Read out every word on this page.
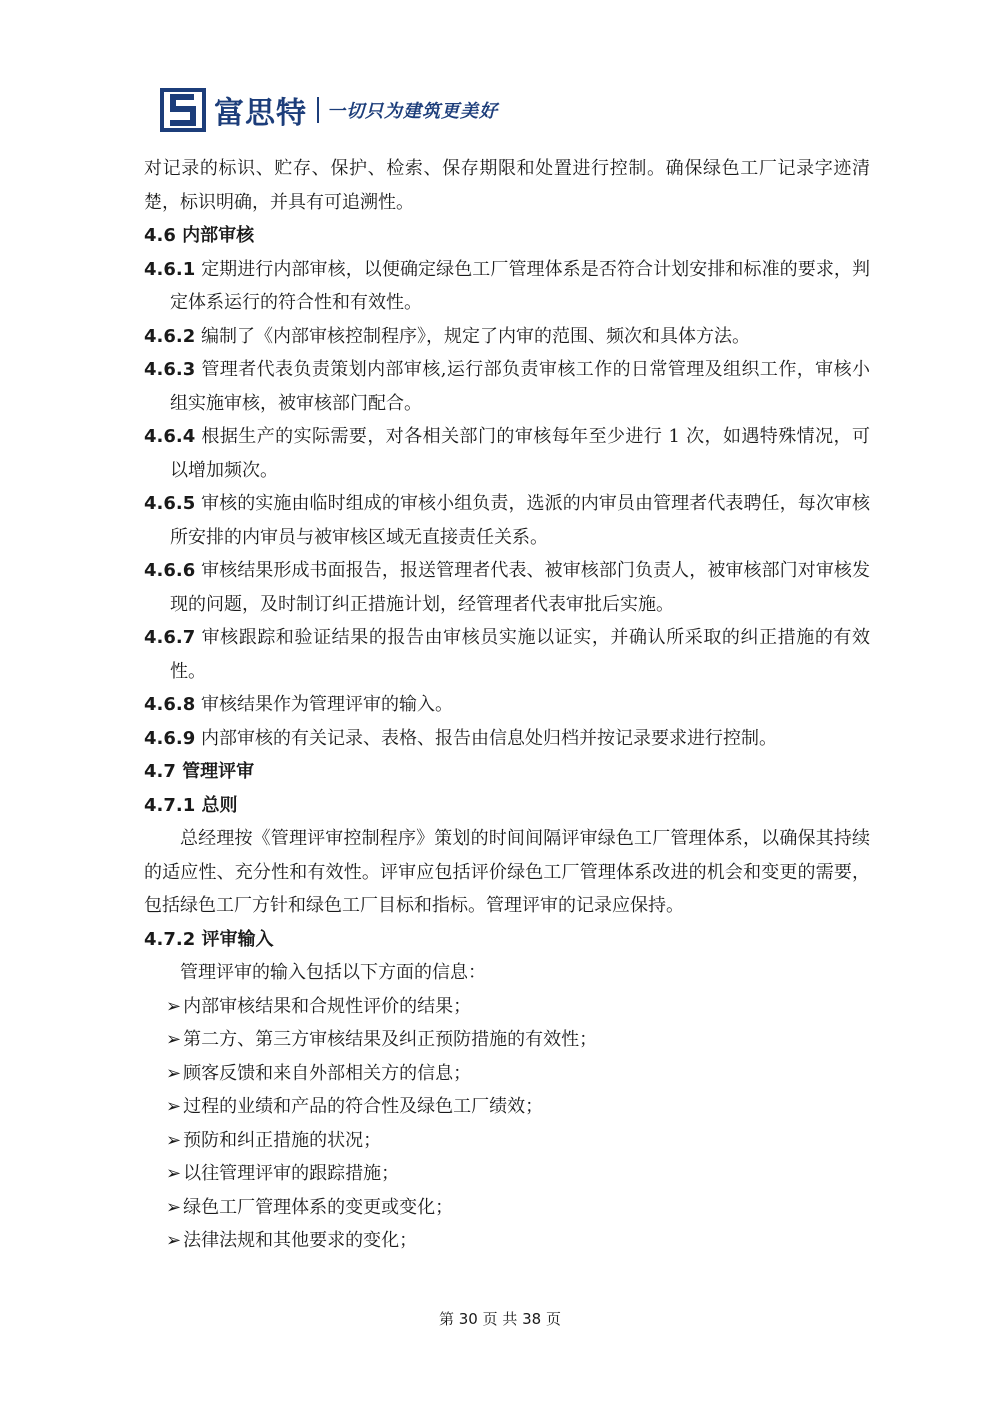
富思特 一切只为建筑更美好

对记录的标识、贮存、保护、检索、保存期限和处置进行控制。确保绿色工厂记录字迹清楚，标识明确，并具有可追溯性。

4.6 内部审核

4.6.1 定期进行内部审核，以便确定绿色工厂管理体系是否符合计划安排和标准的要求，判定体系运行的符合性和有效性。

4.6.2 编制了《内部审核控制程序》，规定了内审的范围、频次和具体方法。

4.6.3 管理者代表负责策划内部审核,运行部负责审核工作的日常管理及组织工作，审核小组实施审核，被审核部门配合。

4.6.4 根据生产的实际需要，对各相关部门的审核每年至少进行 1 次，如遇特殊情况，可以增加频次。

4.6.5 审核的实施由临时组成的审核小组负责，选派的内审员由管理者代表聘任，每次审核所安排的内审员与被审核区域无直接责任关系。

4.6.6 审核结果形成书面报告，报送管理者代表、被审核部门负责人，被审核部门对审核发现的问题，及时制订纠正措施计划，经管理者代表审批后实施。

4.6.7 审核跟踪和验证结果的报告由审核员实施以证实，并确认所采取的纠正措施的有效性。

4.6.8 审核结果作为管理评审的输入。

4.6.9 内部审核的有关记录、表格、报告由信息处归档并按记录要求进行控制。

4.7 管理评审

4.7.1 总则

总经理按《管理评审控制程序》策划的时间间隔评审绿色工厂管理体系，以确保其持续的适应性、充分性和有效性。评审应包括评价绿色工厂管理体系改进的机会和变更的需要，包括绿色工厂方针和绿色工厂目标和指标。管理评审的记录应保持。

4.7.2 评审输入

管理评审的输入包括以下方面的信息：

➢ 内部审核结果和合规性评价的结果；

➢ 第二方、第三方审核结果及纠正预防措施的有效性；

➢ 顾客反馈和来自外部相关方的信息；

➢ 过程的业绩和产品的符合性及绿色工厂绩效；

➢ 预防和纠正措施的状况；

➢ 以往管理评审的跟踪措施；

➢ 绿色工厂管理体系的变更或变化；

➢ 法律法规和其他要求的变化；

第 30 页 共 38 页
